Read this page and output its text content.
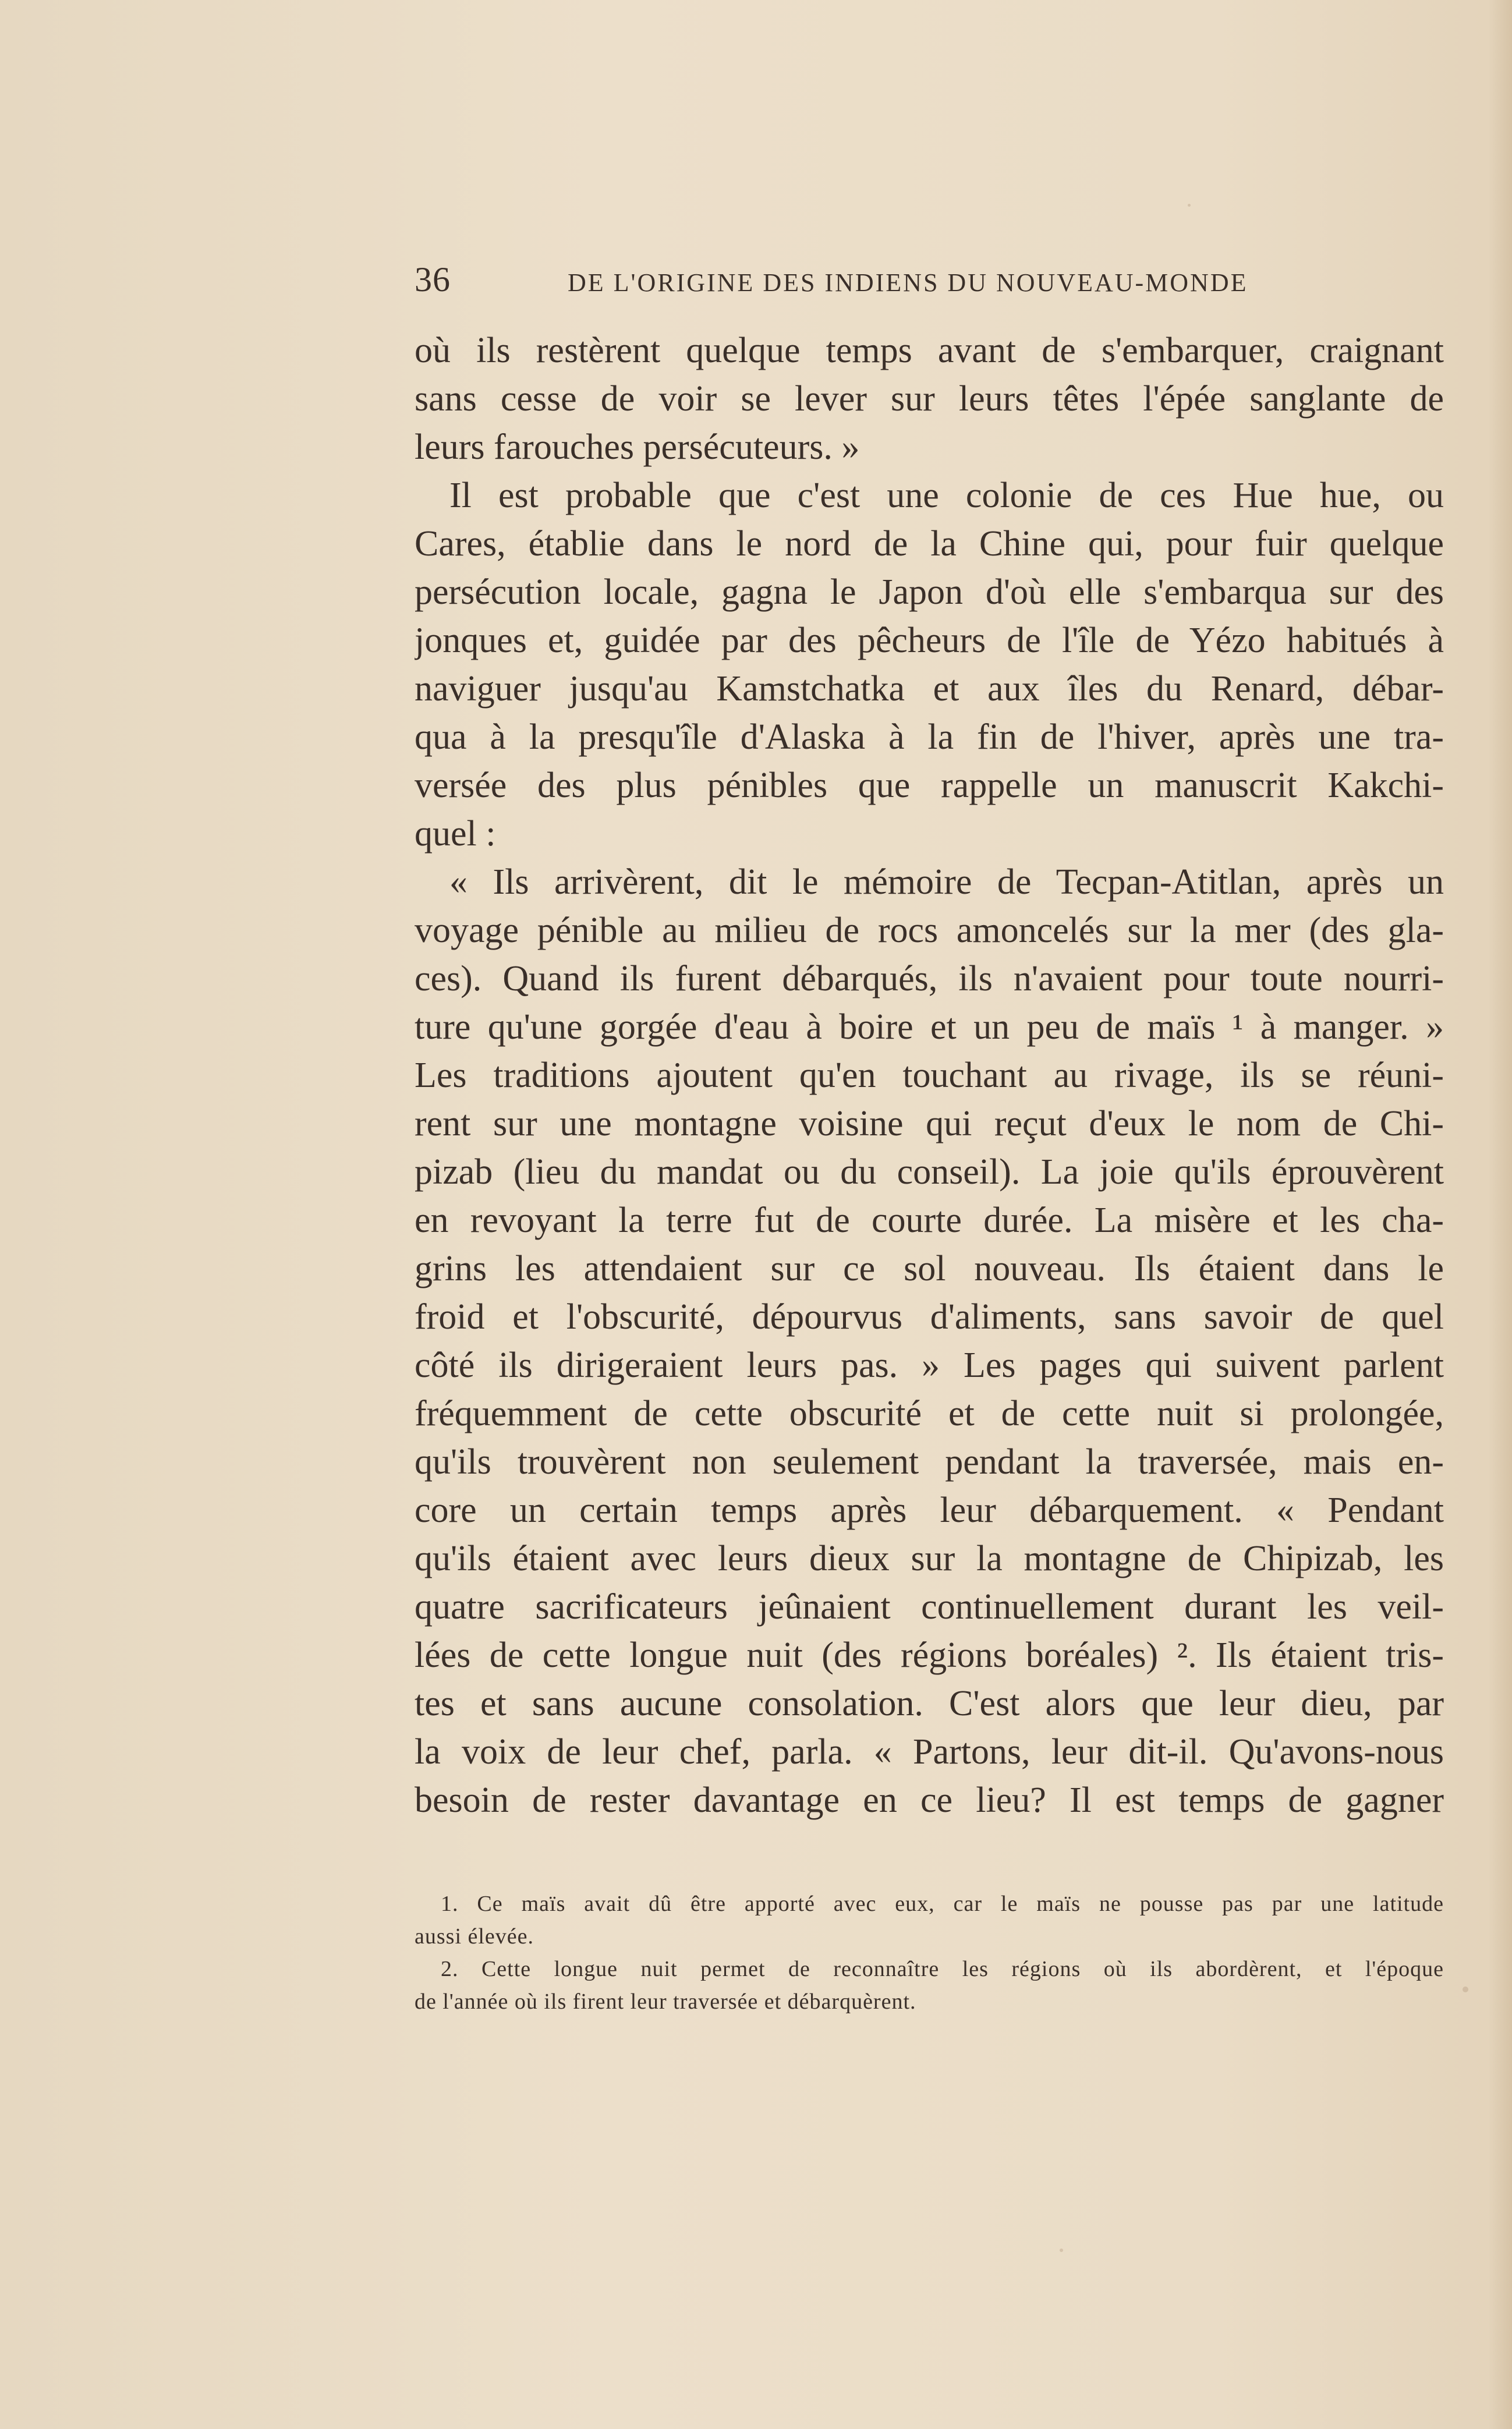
36	DE L'ORIGINE DES INDIENS DU NOUVEAU-MONDE
où ils restèrent quelque temps avant de s'embarquer, craignant
sans cesse de voir se lever sur leurs têtes l'épée sanglante de
leurs farouches persécuteurs. »
Il est probable que c'est une colonie de ces Hue hue, ou
Cares, établie dans le nord de la Chine qui, pour fuir quelque
persécution locale, gagna le Japon d'où elle s'embarqua sur des
jonques et, guidée par des pêcheurs de l'île de Yézo habitués à
naviguer jusqu'au Kamstchatka et aux îles du Renard, débar-
qua à la presqu'île d'Alaska à la fin de l'hiver, après une tra-
versée des plus pénibles que rappelle un manuscrit Kakchi-
quel :
« Ils arrivèrent, dit le mémoire de Tecpan-Atitlan, après un
voyage pénible au milieu de rocs amoncelés sur la mer (des gla-
ces). Quand ils furent débarqués, ils n'avaient pour toute nourri-
ture qu'une gorgée d'eau à boire et un peu de maïs ¹ à manger. »
Les traditions ajoutent qu'en touchant au rivage, ils se réuni-
rent sur une montagne voisine qui reçut d'eux le nom de Chi-
pizab (lieu du mandat ou du conseil). La joie qu'ils éprouvèrent
en revoyant la terre fut de courte durée. La misère et les cha-
grins les attendaient sur ce sol nouveau. Ils étaient dans le
froid et l'obscurité, dépourvus d'aliments, sans savoir de quel
côté ils dirigeraient leurs pas. » Les pages qui suivent parlent
fréquemment de cette obscurité et de cette nuit si prolongée,
qu'ils trouvèrent non seulement pendant la traversée, mais en-
core un certain temps après leur débarquement. « Pendant
qu'ils étaient avec leurs dieux sur la montagne de Chipizab, les
quatre sacrificateurs jeûnaient continuellement durant les veil-
lées de cette longue nuit (des régions boréales) ². Ils étaient tris-
tes et sans aucune consolation. C'est alors que leur dieu, par
la voix de leur chef, parla. « Partons, leur dit-il. Qu'avons-nous
besoin de rester davantage en ce lieu? Il est temps de gagner
1. Ce maïs avait dû être apporté avec eux, car le maïs ne pousse pas par une latitude
aussi élevée.
2. Cette longue nuit permet de reconnaître les régions où ils abordèrent, et l'époque
de l'année où ils firent leur traversée et débarquèrent.
